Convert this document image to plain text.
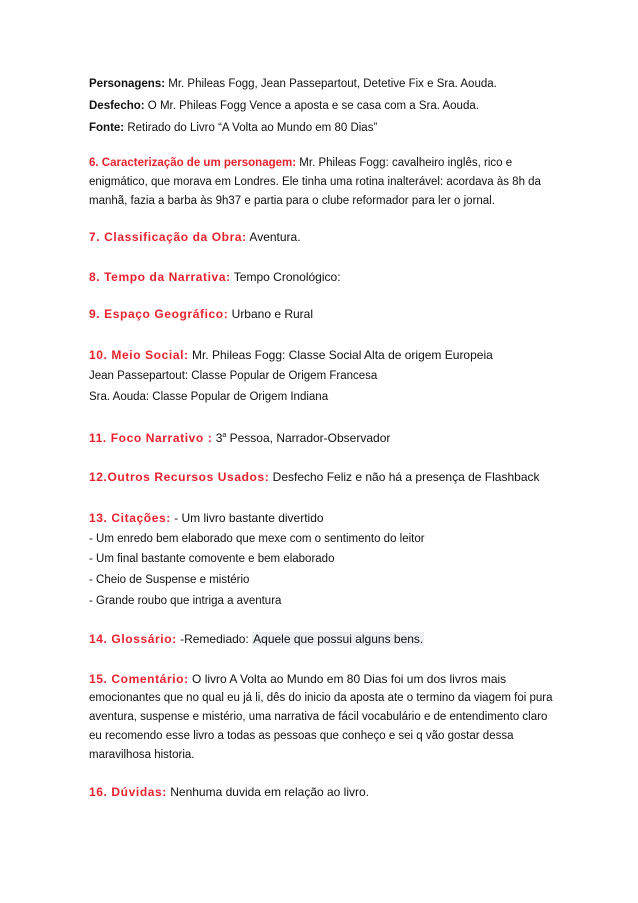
Personagens: Mr. Phileas Fogg, Jean Passepartout, Detetive Fix e Sra. Aouda.
Desfecho: O Mr. Phileas Fogg Vence a aposta e se casa com a Sra. Aouda.
Fonte: Retirado do Livro “A Volta ao Mundo em 80 Dias”
6. Caracterização de um personagem: Mr. Phileas Fogg: cavalheiro inglês, rico e
enigmático, que morava em Londres. Ele tinha uma rotina inalterável: acordava às 8h da
manhã, fazia a barba às 9h37 e partia para o clube reformador para ler o jornal.
7. Classificação da Obra: Aventura.
8. Tempo da Narrativa: Tempo Cronológico:
9. Espaço Geográfico: Urbano e Rural
10. Meio Social: Mr. Phileas Fogg: Classe Social Alta de origem Europeia
Jean Passepartout: Classe Popular de Origem Francesa
Sra. Aouda: Classe Popular de Origem Indiana
11. Foco Narrativo : 3$^a$ Pessoa, Narrador-Observador
12.Outros Recursos Usados: Desfecho Feliz e não há a presença de Flashback
13. Citações: - Um livro bastante divertido
- Um enredo bem elaborado que mexe com o sentimento do leitor
- Um final bastante comovente e bem elaborado
- Cheio de Suspense e mistério
- Grande roubo que intriga a aventura
14. Glossário: -Remediado: Aquele que possui alguns bens.
15. Comentário: O livro A Volta ao Mundo em 80 Dias foi um dos livros mais
emocionantes que no qual eu já li, dês do inicio da aposta ate o termino da viagem foi pura
aventura, suspense e mistério, uma narrativa de fácil vocabulário e de entendimento claro
eu recomendo esse livro a todas as pessoas que conheço e sei q vão gostar dessa
maravilhosa historia.
16. Dúvidas: Nenhuma duvida em relação ao livro.
